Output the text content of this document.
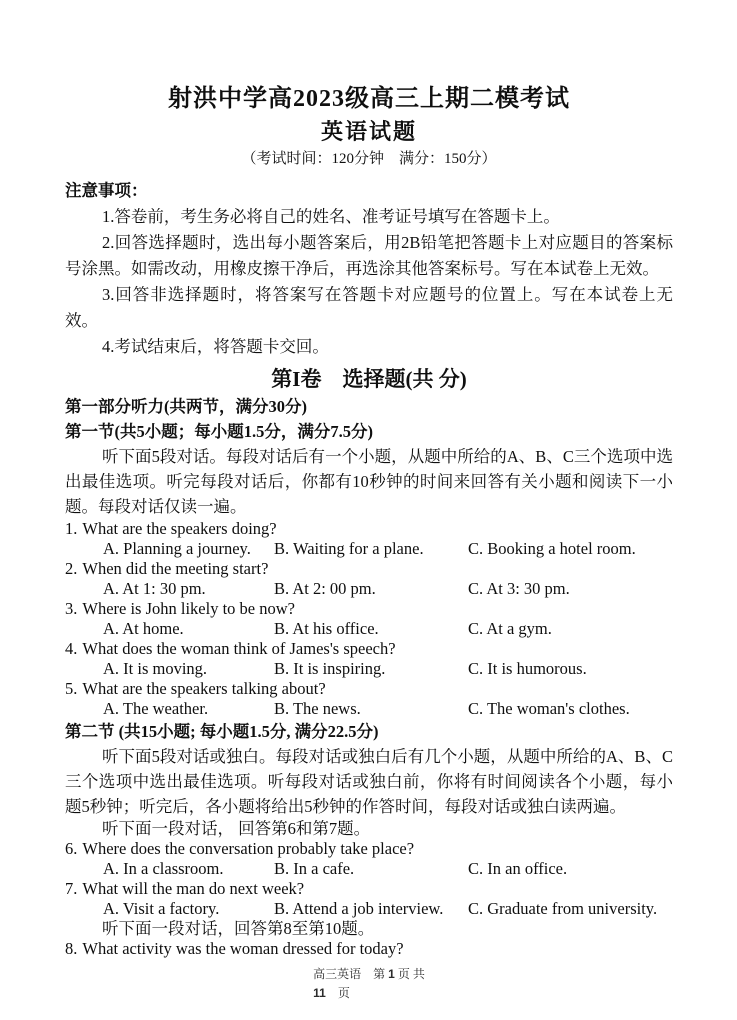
射洪中学高2023级高三上期二模考试
英语试题
（考试时间：120分钟　满分：150分）
注意事项：

1.答卷前，考生务必将自己的姓名、准考证号填写在答题卡上。

2.回答选择题时，选出每小题答案后，用2B铅笔把答题卡上对应题目的答案标号涂黑。如需改动，用橡皮擦干净后，再选涂其他答案标号。写在本试卷上无效。

3.回答非选择题时，将答案写在答题卡对应题号的位置上。写在本试卷上无效。

4.考试结束后，将答题卡交回。

第I卷　选择题(共 分)
第一部分听力(共两节，满分30分)
第一节(共5小题；每小题1.5分，满分7.5分)

听下面5段对话。每段对话后有一个小题，从题中所给的A、B、C三个选项中选出最佳选项。听完每段对话后，你都有10秒钟的时间来回答有关小题和阅读下一小题。每段对话仅读一遍。

1. What are the speakers doing?
A. Planning a journey.	B. Waiting for a plane.	C. Booking a hotel room.
2. When did the meeting start?
A. At 1: 30 pm.	B. At 2: 00 pm.	C. At 3: 30 pm.
3. Where is John likely to be now?
A. At home.	B. At his office.	C. At a gym.
4. What does the woman think of James's speech?
A. It is moving.	B. It is inspiring.	C. It is humorous.
5. What are the speakers talking about?
A. The weather.	B. The news.	C. The woman's clothes.
第二节 (共15小题; 每小题1.5分, 满分22.5分)

听下面5段对话或独白。每段对话或独白后有几个小题，从题中所给的A、B、C三个选项中选出最佳选项。听每段对话或独白前，你将有时间阅读各个小题，每小题5秒钟；听完后，各小题将给出5秒钟的作答时间，每段对话或独白读两遍。

听下面一段对话， 回答第6和第7题。
6. Where does the conversation probably take place?
A. In a classroom.	B. In a cafe.	C. In an office.
7. What will the man do next week?
A. Visit a factory.	B. Attend a job interview.	C. Graduate from university.
听下面一段对话，回答第8至第10题。
8. What activity was the woman dressed for today?
高三英语　第 1 页 共
11　页
